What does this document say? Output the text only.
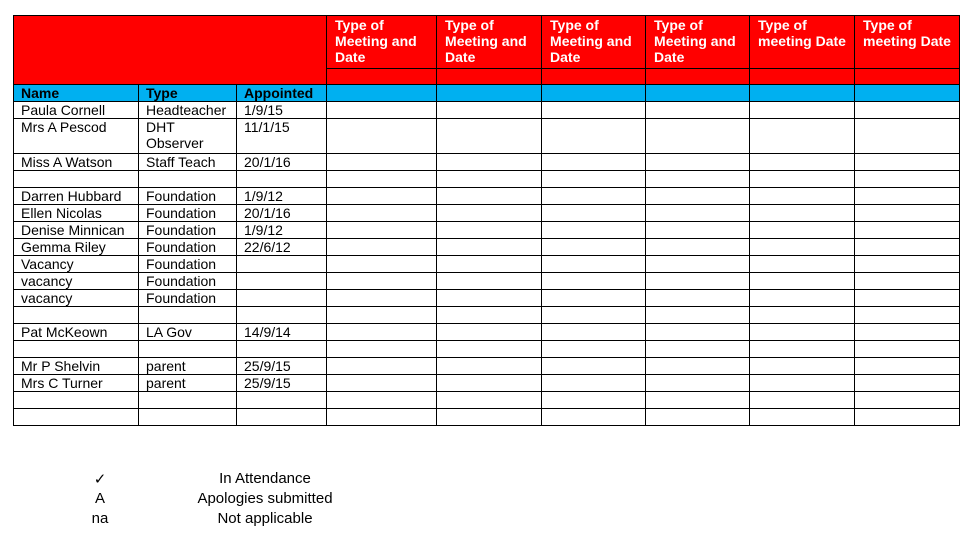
			Type of Meeting and Date	Type of Meeting and Date	Type of Meeting and Date	Type of Meeting and Date	Type of meeting Date	Type of meeting Date

Name	Type	Appointed						
Paula Cornell	Headteacher	1/9/15						
Mrs A Pescod	DHT Observer	11/1/15						
Miss A Watson	Staff Teach	20/1/16						

Darren Hubbard	Foundation	1/9/12						
Ellen Nicolas	Foundation	20/1/16						
Denise Minnican	Foundation	1/9/12						
Gemma Riley	Foundation	22/6/12						
Vacancy	Foundation							
vacancy	Foundation							
vacancy	Foundation							

Pat McKeown	LA Gov	14/9/14						

Mr P Shelvin	parent	25/9/15						
Mrs C Turner	parent	25/9/15						

✓	In Attendance
A	Apologies submitted
na	Not applicable
